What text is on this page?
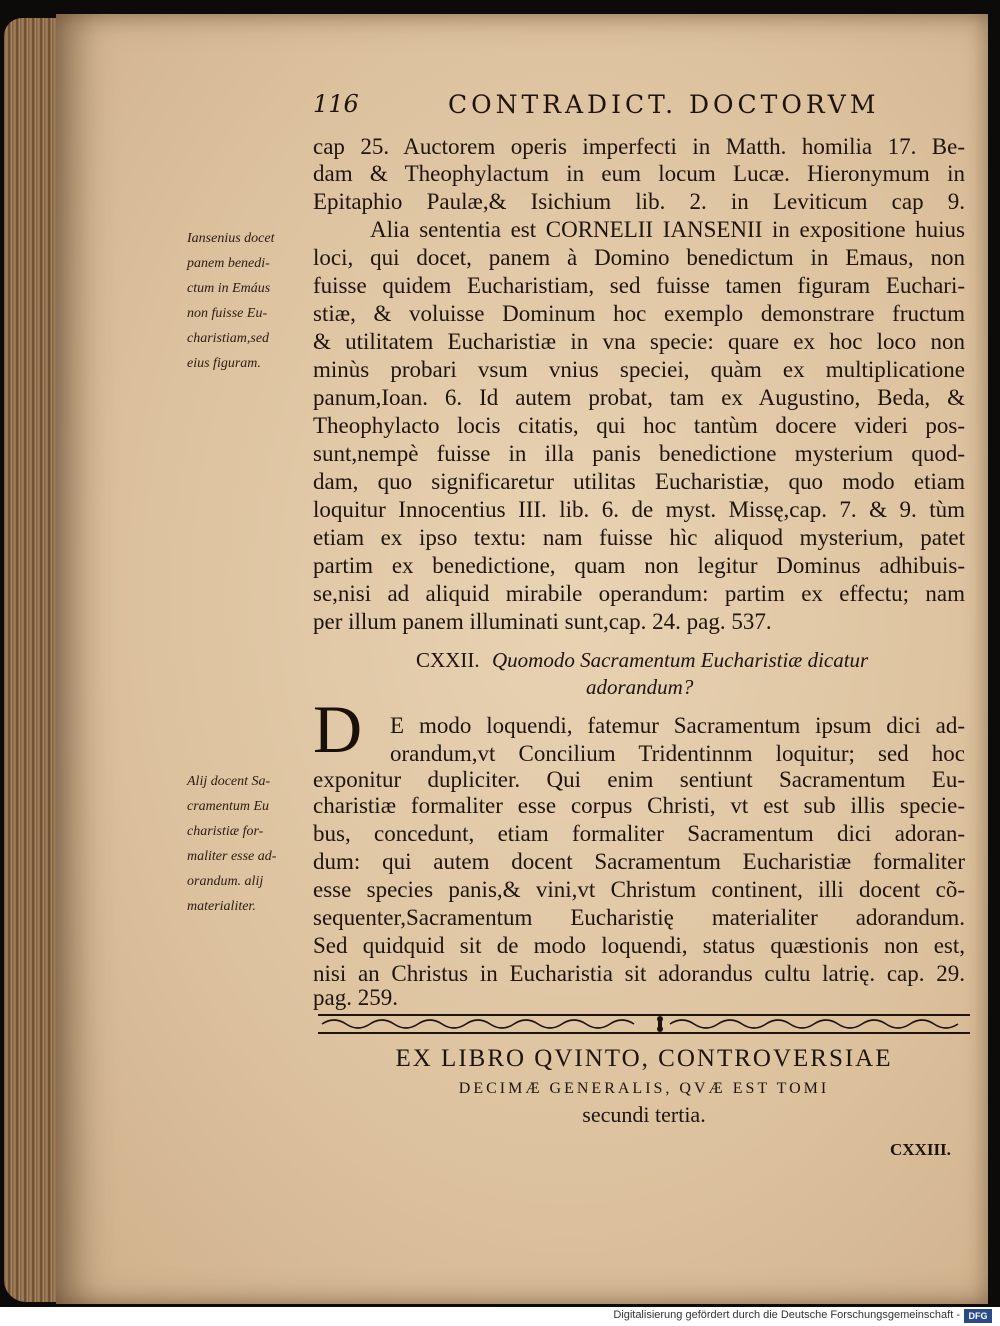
116	CONTRADICT. DOCTORVM
cap 25. Auctorem operis imperfecti in Matth. homilia 17. Be-
dam & Theophylactum in eum locum Lucæ. Hieronymum in
Epitaphio Paulæ,& Isichium lib. 2. in Leviticum cap 9.
Alia sententia est CORNELII IANSENII in expositione huius
loci, qui docet, panem à Domino benedictum in Emaus, non
fuisse quidem Eucharistiam, sed fuisse tamen figuram Euchari-
stiæ, & voluisse Dominum hoc exemplo demonstrare fructum
& utilitatem Eucharistiæ in vna specie: quare ex hoc loco non
minùs probari vsum vnius speciei, quàm ex multiplicatione
panum,Ioan. 6. Id autem probat, tam ex Augustino, Beda, &
Theophylacto locis citatis, qui hoc tantùm docere videri pos-
sunt,nempè fuisse in illa panis benedictione mysterium quod-
dam, quo significaretur utilitas Eucharistiæ, quo modo etiam
loquitur Innocentius III. lib. 6. de myst. Missę,cap. 7. & 9. tùm
etiam ex ipso textu: nam fuisse hìc aliquod mysterium, patet
partim ex benedictione, quam non legitur Dominus adhibuis-
se,nisi ad aliquid mirabile operandum: partim ex effectu; nam
per illum panem illuminati sunt,cap. 24. pag. 537.
Iansenius docet
panem benedi-
ctum in Emáus
non fuisse Eu-
charistiam,sed
eius figuram.
CXXII. Quomodo Sacramentum Eucharistiæ dicatur
adorandum?
D E modo loquendi, fatemur Sacramentum ipsum dici ad-
orandum,vt Concilium Tridentinnm loquitur; sed hoc
exponitur dupliciter. Qui enim sentiunt Sacramentum Eu-
charistiæ formaliter esse corpus Christi, vt est sub illis specie-
bus, concedunt, etiam formaliter Sacramentum dici adoran-
dum: qui autem docent Sacramentum Eucharistiæ formaliter
esse species panis,& vini,vt Christum continent, illi docent cõ-
sequenter,Sacramentum Eucharistię materialiter adorandum.
Sed quidquid sit de modo loquendi, status quæstionis non est,
nisi an Christus in Eucharistia sit adorandus cultu latrię. cap. 29.
pag. 259.
Alij docent Sa-
cramentum Eu
charistiæ for-
maliter esse ad-
orandum. alij
materialiter.
EX LIBRO QVINTO, CONTROVERSIAE
DECIMÆ GENERALIS, QVÆ EST TOMI
secundi tertia.
CXXIII.
Digitalisierung gefördert durch die Deutsche Forschungsgemeinschaft - DFG
